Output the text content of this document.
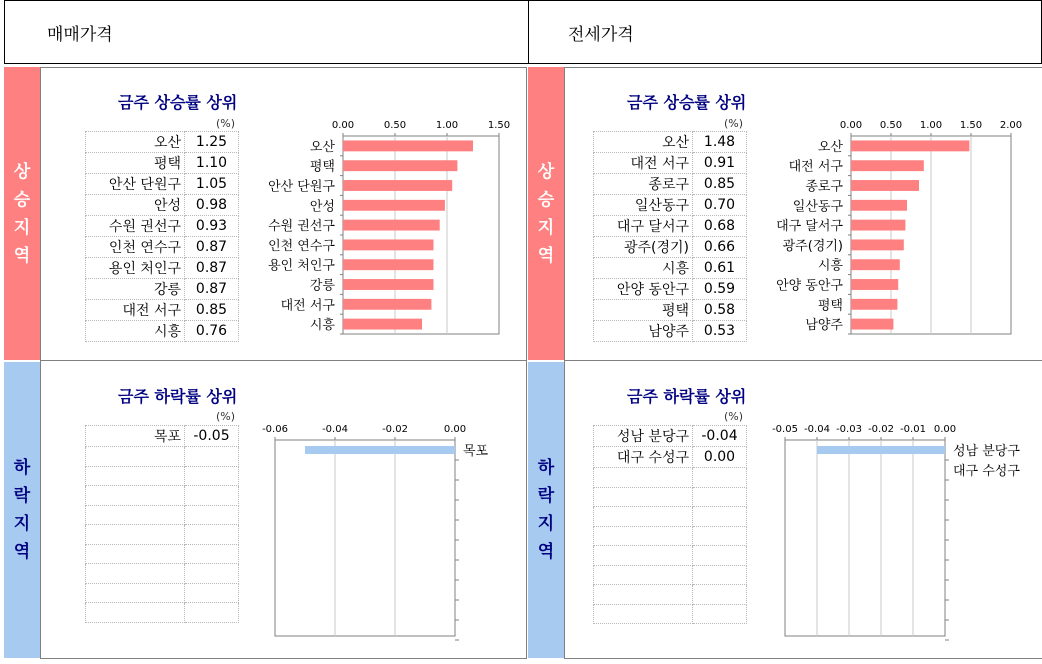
매매가격	전세가격
상
승
지
역
하
락
지
역
상
승
지
역
하
락
지
역
금주 상승률 상위
(%)
오산	1.25
평택	1.10
안산 단원구	1.05
안성	0.98
수원 권선구	0.93
인천 연수구	0.87
용인 처인구	0.87
강릉	0.87
대전 서구	0.85
시흥	0.76
0.00	0.50	1.00	1.50
오산
평택
안산 단원구
안성
수원 권선구
인천 연수구
용인 처인구
강릉
대전 서구
시흥
금주 상승률 상위
(%)
오산	1.48
대전 서구	0.91
종로구	0.85
일산동구	0.70
대구 달서구	0.68
광주(경기)	0.66
시흥	0.61
안양 동안구	0.59
평택	0.58
남양주	0.53
0.00 0.50 1.00 1.50 2.00
오산
대전 서구
종로구
일산동구
대구 달서구
광주(경기)
시흥
안양 동안구
평택
남양주
금주 하락률 상위
(%)
목포	-0.05

		-0.06	-0.04	-0.02	0.00
목포
금주 하락률 상위
(%)
성남 분당구	-0.04
대구 수성구	0.00

-0.05 -0.04 -0.03 -0.02 -0.01 0.00
성남 분당구
대구 수성구
